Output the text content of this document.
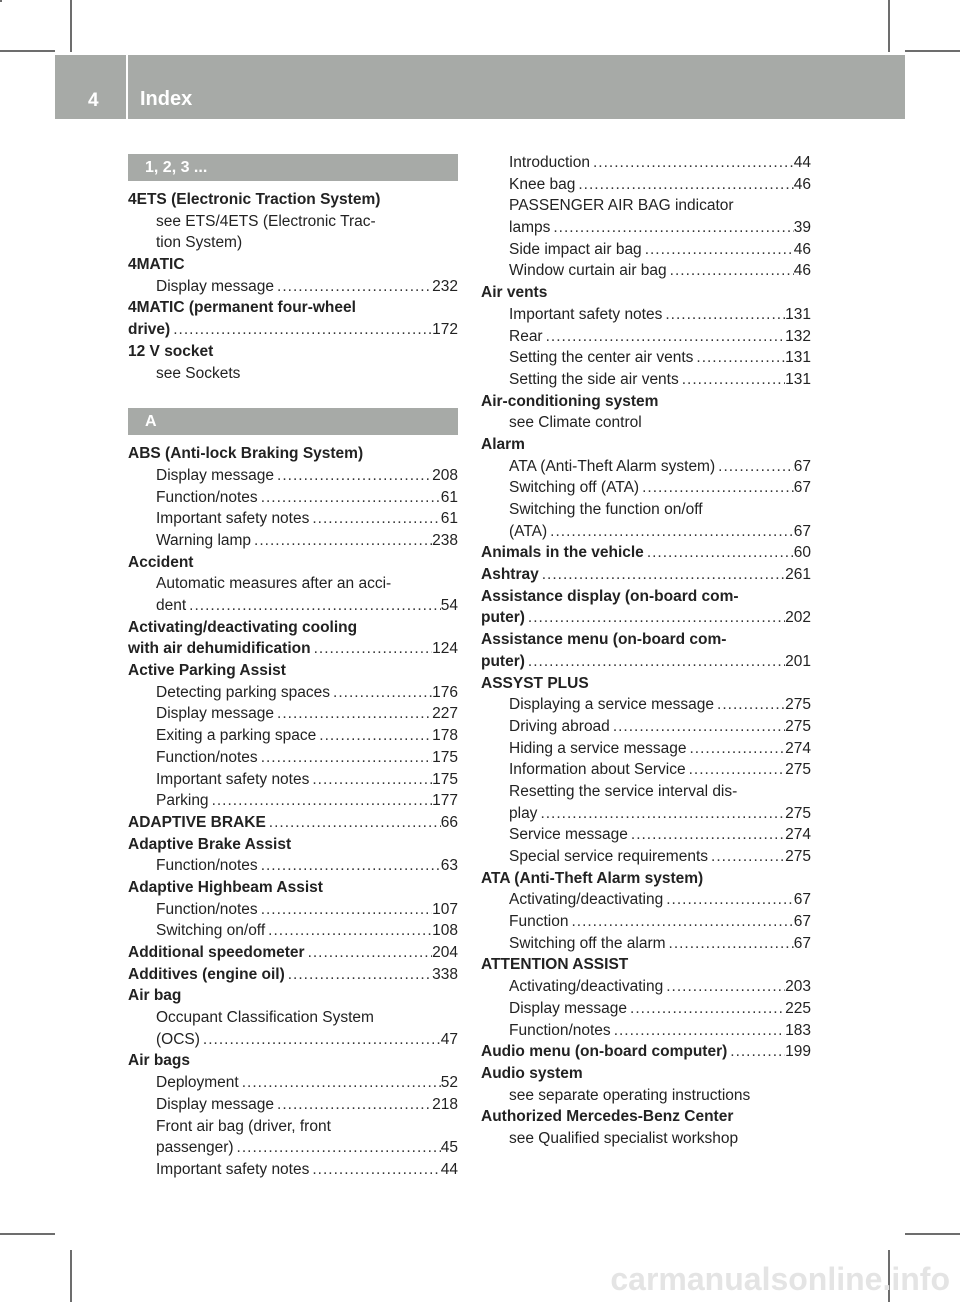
4 Index
1, 2, 3 ...
4ETS (Electronic Traction System)
see ETS/4ETS (Electronic Trac-
tion System)
4MATIC
Display message .....	232
4MATIC (permanent four-wheel
drive) .....	172
12 V socket
see Sockets
A
ABS (Anti-lock Braking System)
Display message .....	208
Function/notes .....	61
Important safety notes .....	61
Warning lamp .....	238
Accident
Automatic measures after an acci-
dent .....	54
Activating/deactivating cooling
with air dehumidification .....	124
Active Parking Assist
Detecting parking spaces .....	176
Display message .....	227
Exiting a parking space .....	178
Function/notes .....	175
Important safety notes .....	175
Parking .....	177
ADAPTIVE BRAKE .....	66
Adaptive Brake Assist
Function/notes .....	63
Adaptive Highbeam Assist
Function/notes .....	107
Switching on/off .....	108
Additional speedometer .....	204
Additives (engine oil) .....	338
Air bag
Occupant Classification System
(OCS) .....	47
Air bags
Deployment .....	52
Display message .....	218
Front air bag (driver, front
passenger) .....	45
Important safety notes .....	44
Introduction .....	44
Knee bag .....	46
PASSENGER AIR BAG indicator
lamps .....	39
Side impact air bag .....	46
Window curtain air bag .....	46
Air vents
Important safety notes .....	131
Rear .....	132
Setting the center air vents .....	131
Setting the side air vents .....	131
Air-conditioning system
see Climate control
Alarm
ATA (Anti-Theft Alarm system) .....	67
Switching off (ATA) .....	67
Switching the function on/off
(ATA) .....	67
Animals in the vehicle .....	60
Ashtray .....	261
Assistance display (on-board com-
puter) .....	202
Assistance menu (on-board com-
puter) .....	201
ASSYST PLUS
Displaying a service message .....	275
Driving abroad .....	275
Hiding a service message .....	274
Information about Service .....	275
Resetting the service interval dis-
play .....	275
Service message .....	274
Special service requirements .....	275
ATA (Anti-Theft Alarm system)
Activating/deactivating .....	67
Function .....	67
Switching off the alarm .....	67
ATTENTION ASSIST
Activating/deactivating .....	203
Display message .....	225
Function/notes .....	183
Audio menu (on-board computer) .....	199
Audio system
see separate operating instructions
Authorized Mercedes-Benz Center
see Qualified specialist workshop
carmanualsonline.info
